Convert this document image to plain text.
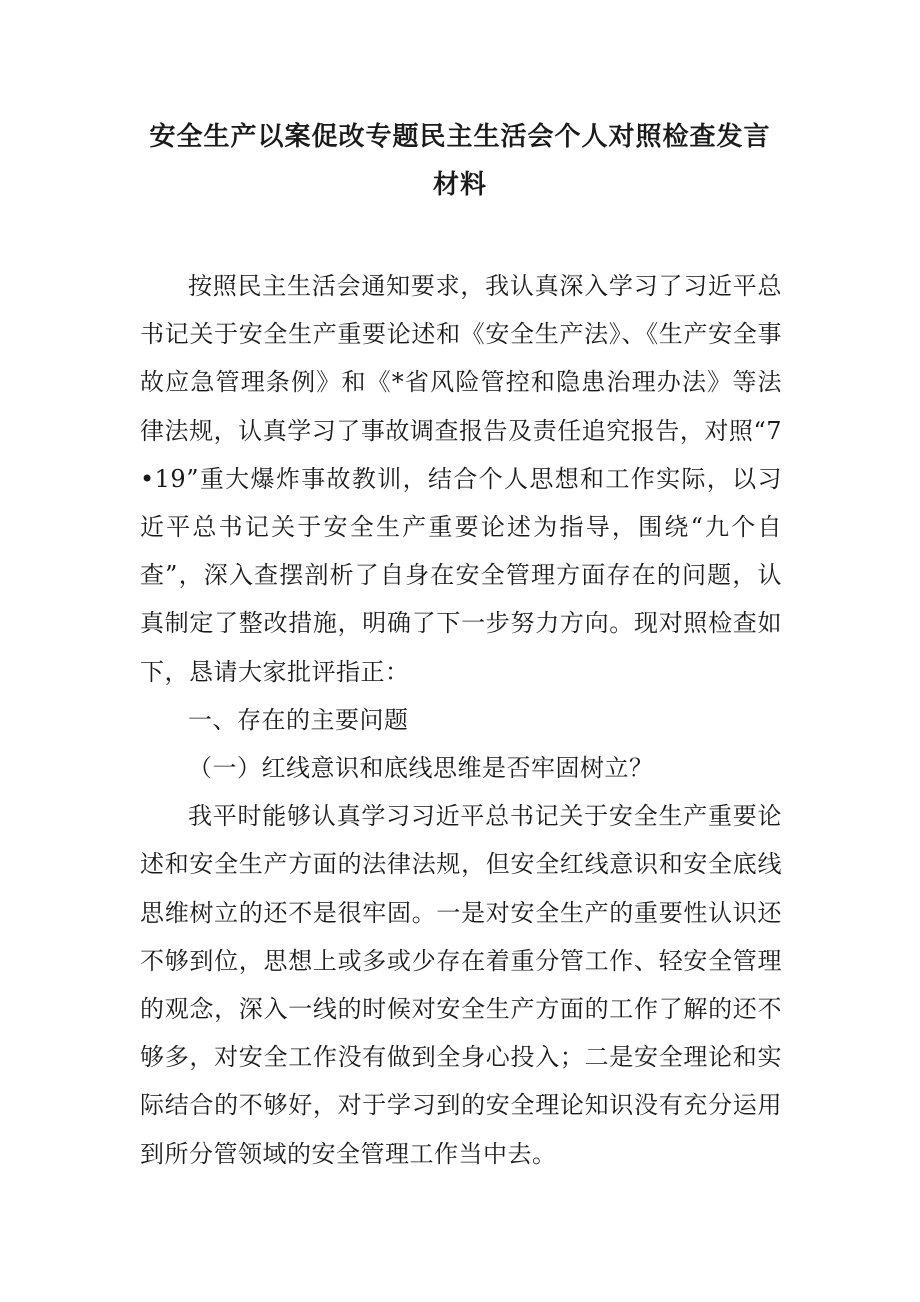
安全生产以案促改专题民主生活会个人对照检查发言材料

按照民主生活会通知要求，我认真深入学习了习近平总书记关于安全生产重要论述和《安全生产法》、《生产安全事故应急管理条例》和《*省风险管控和隐患治理办法》等法律法规，认真学习了事故调查报告及责任追究报告，对照“7•19”重大爆炸事故教训，结合个人思想和工作实际，以习近平总书记关于安全生产重要论述为指导，围绕“九个自查”，深入查摆剖析了自身在安全管理方面存在的问题，认真制定了整改措施，明确了下一步努力方向。现对照检查如下，恳请大家批评指正：

一、存在的主要问题

（一）红线意识和底线思维是否牢固树立？

我平时能够认真学习习近平总书记关于安全生产重要论述和安全生产方面的法律法规，但安全红线意识和安全底线思维树立的还不是很牢固。一是对安全生产的重要性认识还不够到位，思想上或多或少存在着重分管工作、轻安全管理的观念，深入一线的时候对安全生产方面的工作了解的还不够多，对安全工作没有做到全身心投入；二是安全理论和实际结合的不够好，对于学习到的安全理论知识没有充分运用到所分管领域的安全管理工作当中去。
